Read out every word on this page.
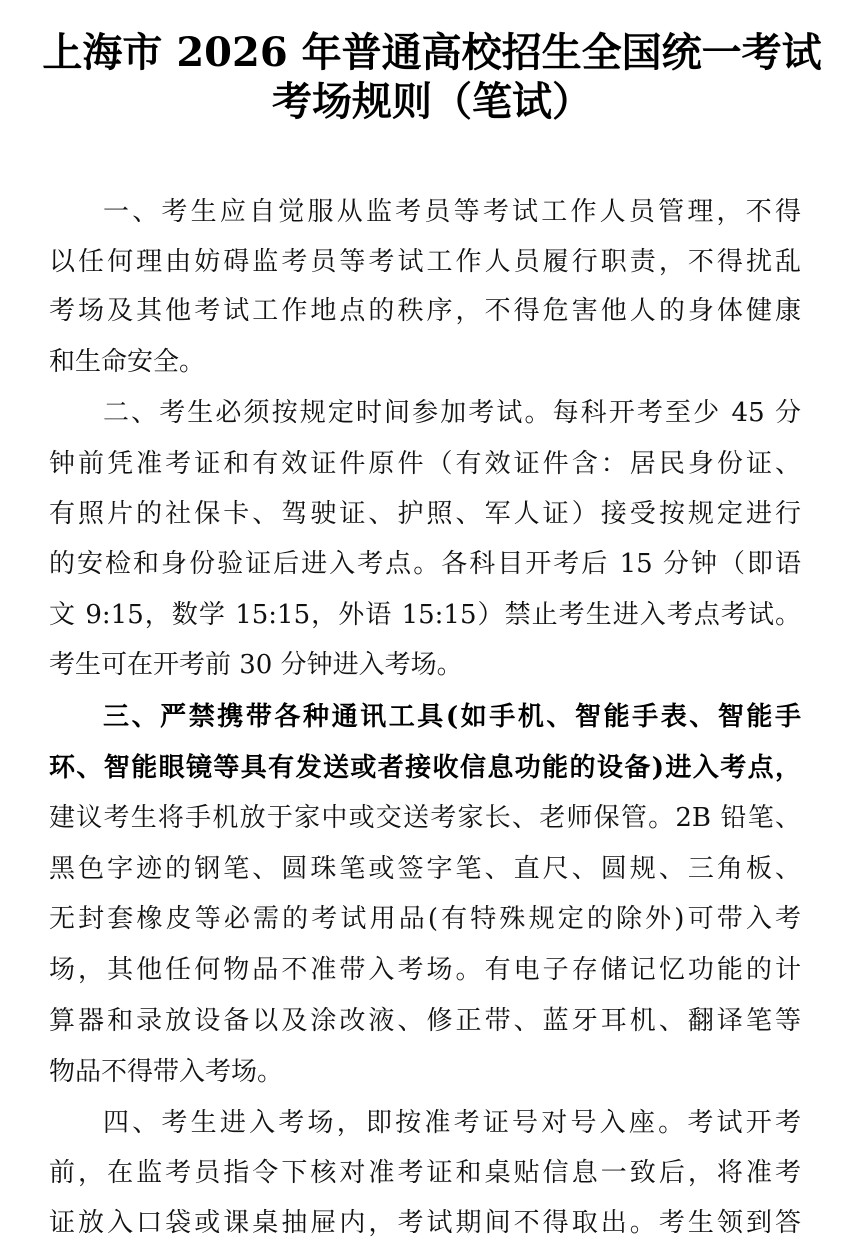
上海市 2026 年普通高校招生全国统一考试
考场规则（笔试）
一、考生应自觉服从监考员等考试工作人员管理，不得
以任何理由妨碍监考员等考试工作人员履行职责，不得扰乱
考场及其他考试工作地点的秩序，不得危害他人的身体健康
和生命安全。
二、考生必须按规定时间参加考试。每科开考至少 45 分
钟前凭准考证和有效证件原件（有效证件含：居民身份证、
有照片的社保卡、驾驶证、护照、军人证）接受按规定进行
的安检和身份验证后进入考点。各科目开考后 15 分钟（即语
文 9:15，数学 15:15，外语 15:15）禁止考生进入考点考试。
考生可在开考前 30 分钟进入考场。
三、严禁携带各种通讯工具(如手机、智能手表、智能手
环、智能眼镜等具有发送或者接收信息功能的设备)进入考点，
建议考生将手机放于家中或交送考家长、老师保管。2B 铅笔、
黑色字迹的钢笔、圆珠笔或签字笔、直尺、圆规、三角板、
无封套橡皮等必需的考试用品(有特殊规定的除外)可带入考
场，其他任何物品不准带入考场。有电子存储记忆功能的计
算器和录放设备以及涂改液、修正带、蓝牙耳机、翻译笔等
物品不得带入考场。
四、考生进入考场，即按准考证号对号入座。考试开考
前，在监考员指令下核对准考证和桌贴信息一致后，将准考
证放入口袋或课桌抽屉内，考试期间不得取出。考生领到答
